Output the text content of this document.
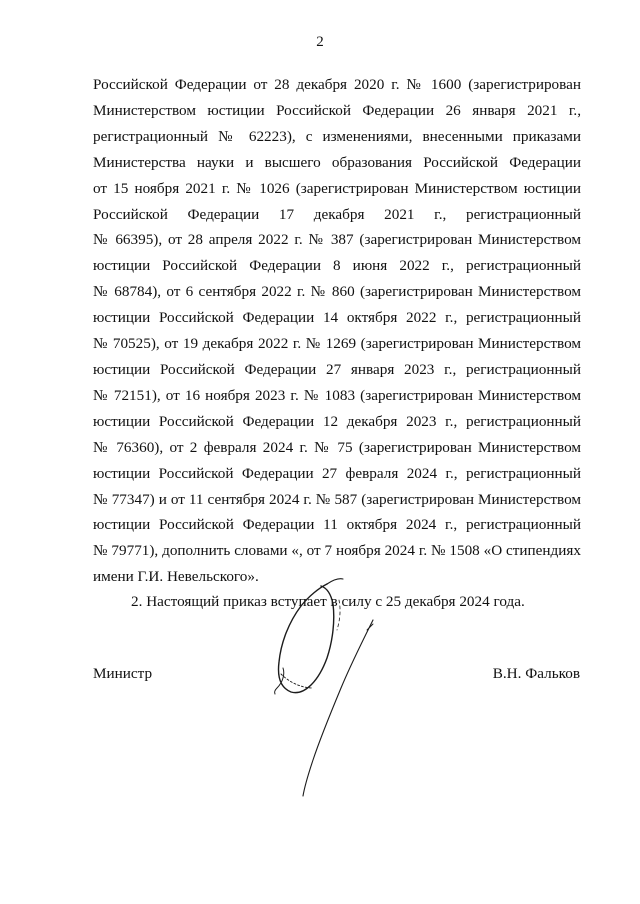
2

Российской Федерации от 28 декабря 2020 г. № 1600 (зарегистрирован
Министерством юстиции Российской Федерации 26 января 2021 г.,
регистрационный № 62223), с изменениями, внесенными приказами
Министерства науки и высшего образования Российской Федерации
от 15 ноября 2021 г. № 1026 (зарегистрирован Министерством юстиции
Российской Федерации 17 декабря 2021 г., регистрационный
№ 66395), от 28 апреля 2022 г. № 387 (зарегистрирован Министерством
юстиции Российской Федерации 8 июня 2022 г., регистрационный
№ 68784), от 6 сентября 2022 г. № 860 (зарегистрирован Министерством
юстиции Российской Федерации 14 октября 2022 г., регистрационный
№ 70525), от 19 декабря 2022 г. № 1269 (зарегистрирован Министерством
юстиции Российской Федерации 27 января 2023 г., регистрационный
№ 72151), от 16 ноября 2023 г. № 1083 (зарегистрирован Министерством
юстиции Российской Федерации 12 декабря 2023 г., регистрационный
№ 76360), от 2 февраля 2024 г. № 75 (зарегистрирован Министерством
юстиции Российской Федерации 27 февраля 2024 г., регистрационный
№ 77347) и от 11 сентября 2024 г. № 587 (зарегистрирован Министерством
юстиции Российской Федерации 11 октября 2024 г., регистрационный
№ 79771), дополнить словами «, от 7 ноября 2024 г. № 1508 «О стипендиях
имени Г.И. Невельского».

2. Настоящий приказ вступает в силу с 25 декабря 2024 года.
Министр	В.Н. Фальков
